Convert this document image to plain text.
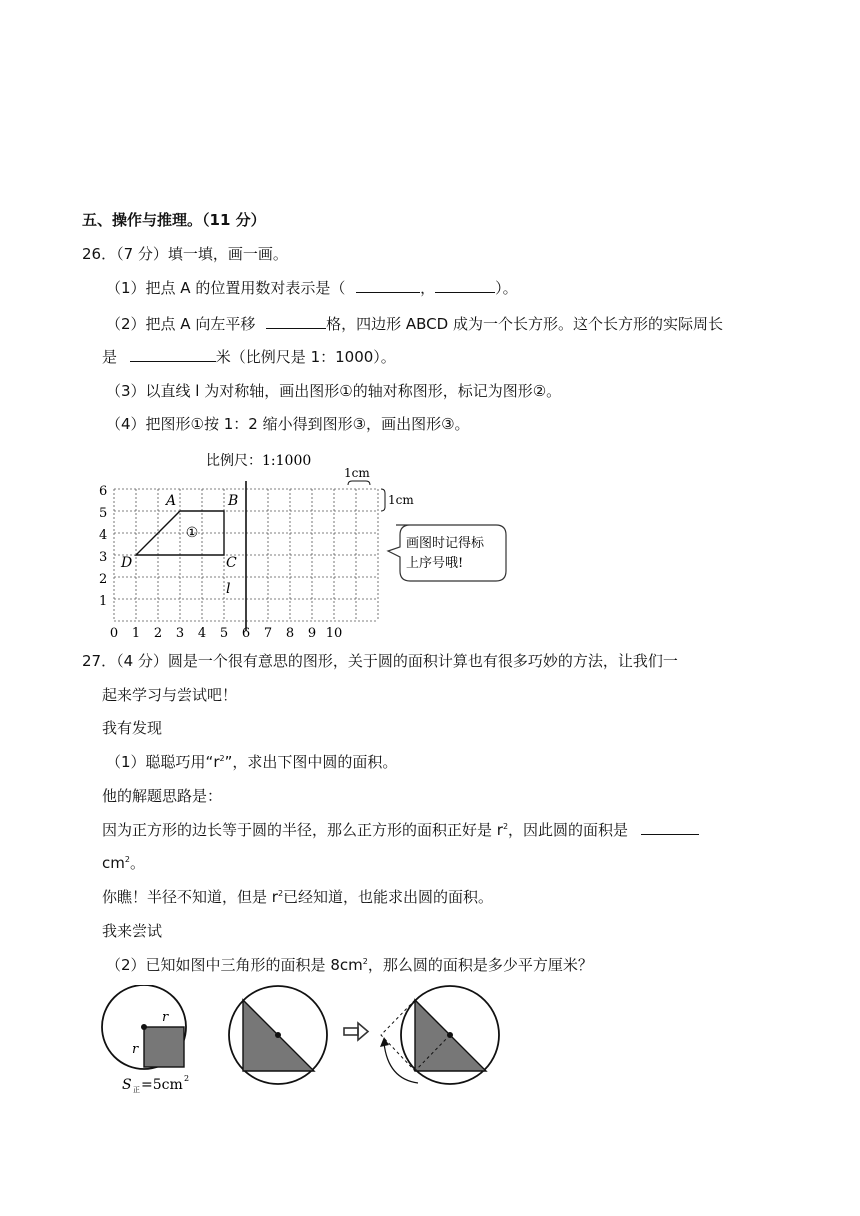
五、操作与推理。（11 分）
26．（7 分）填一填，画一画。
（1）把点 A 的位置用数对表示是（	，	）。
（2）把点 A 向左平移	格，四边形 ABCD 成为一个长方形。这个长方形的实际周长
是	米（比例尺是 1：1000）。
（3）以直线 l 为对称轴，画出图形①的轴对称图形，标记为图形②。
（4）把图形①按 1：2 缩小得到图形③，画出图形③。
①
A	B
C
D
l
比例尺：1:1000
1cm
1cm
6
5
4
3
2
1
0 1 2 3 4 5 6 7 8 9 10
画图时记得标
上序号哦!
27．（4 分）圆是一个很有意思的图形，关于圆的面积计算也有很多巧妙的方法，让我们一
起来学习与尝试吧！
我有发现
（1）聪聪巧用“$r^2$”，求出下图中圆的面积。
他的解题思路是：
因为正方形的边长等于圆的半径，那么正方形的面积正好是 $r^2$，因此圆的面积是
$cm^2$。
你瞧！半径不知道，但是 $r^2$已经知道，也能求出圆的面积。
我来尝试
（2）已知如图中三角形的面积是 $8cm^2$，那么圆的面积是多少平方厘米？
r
r
S 正 =5cm 2
